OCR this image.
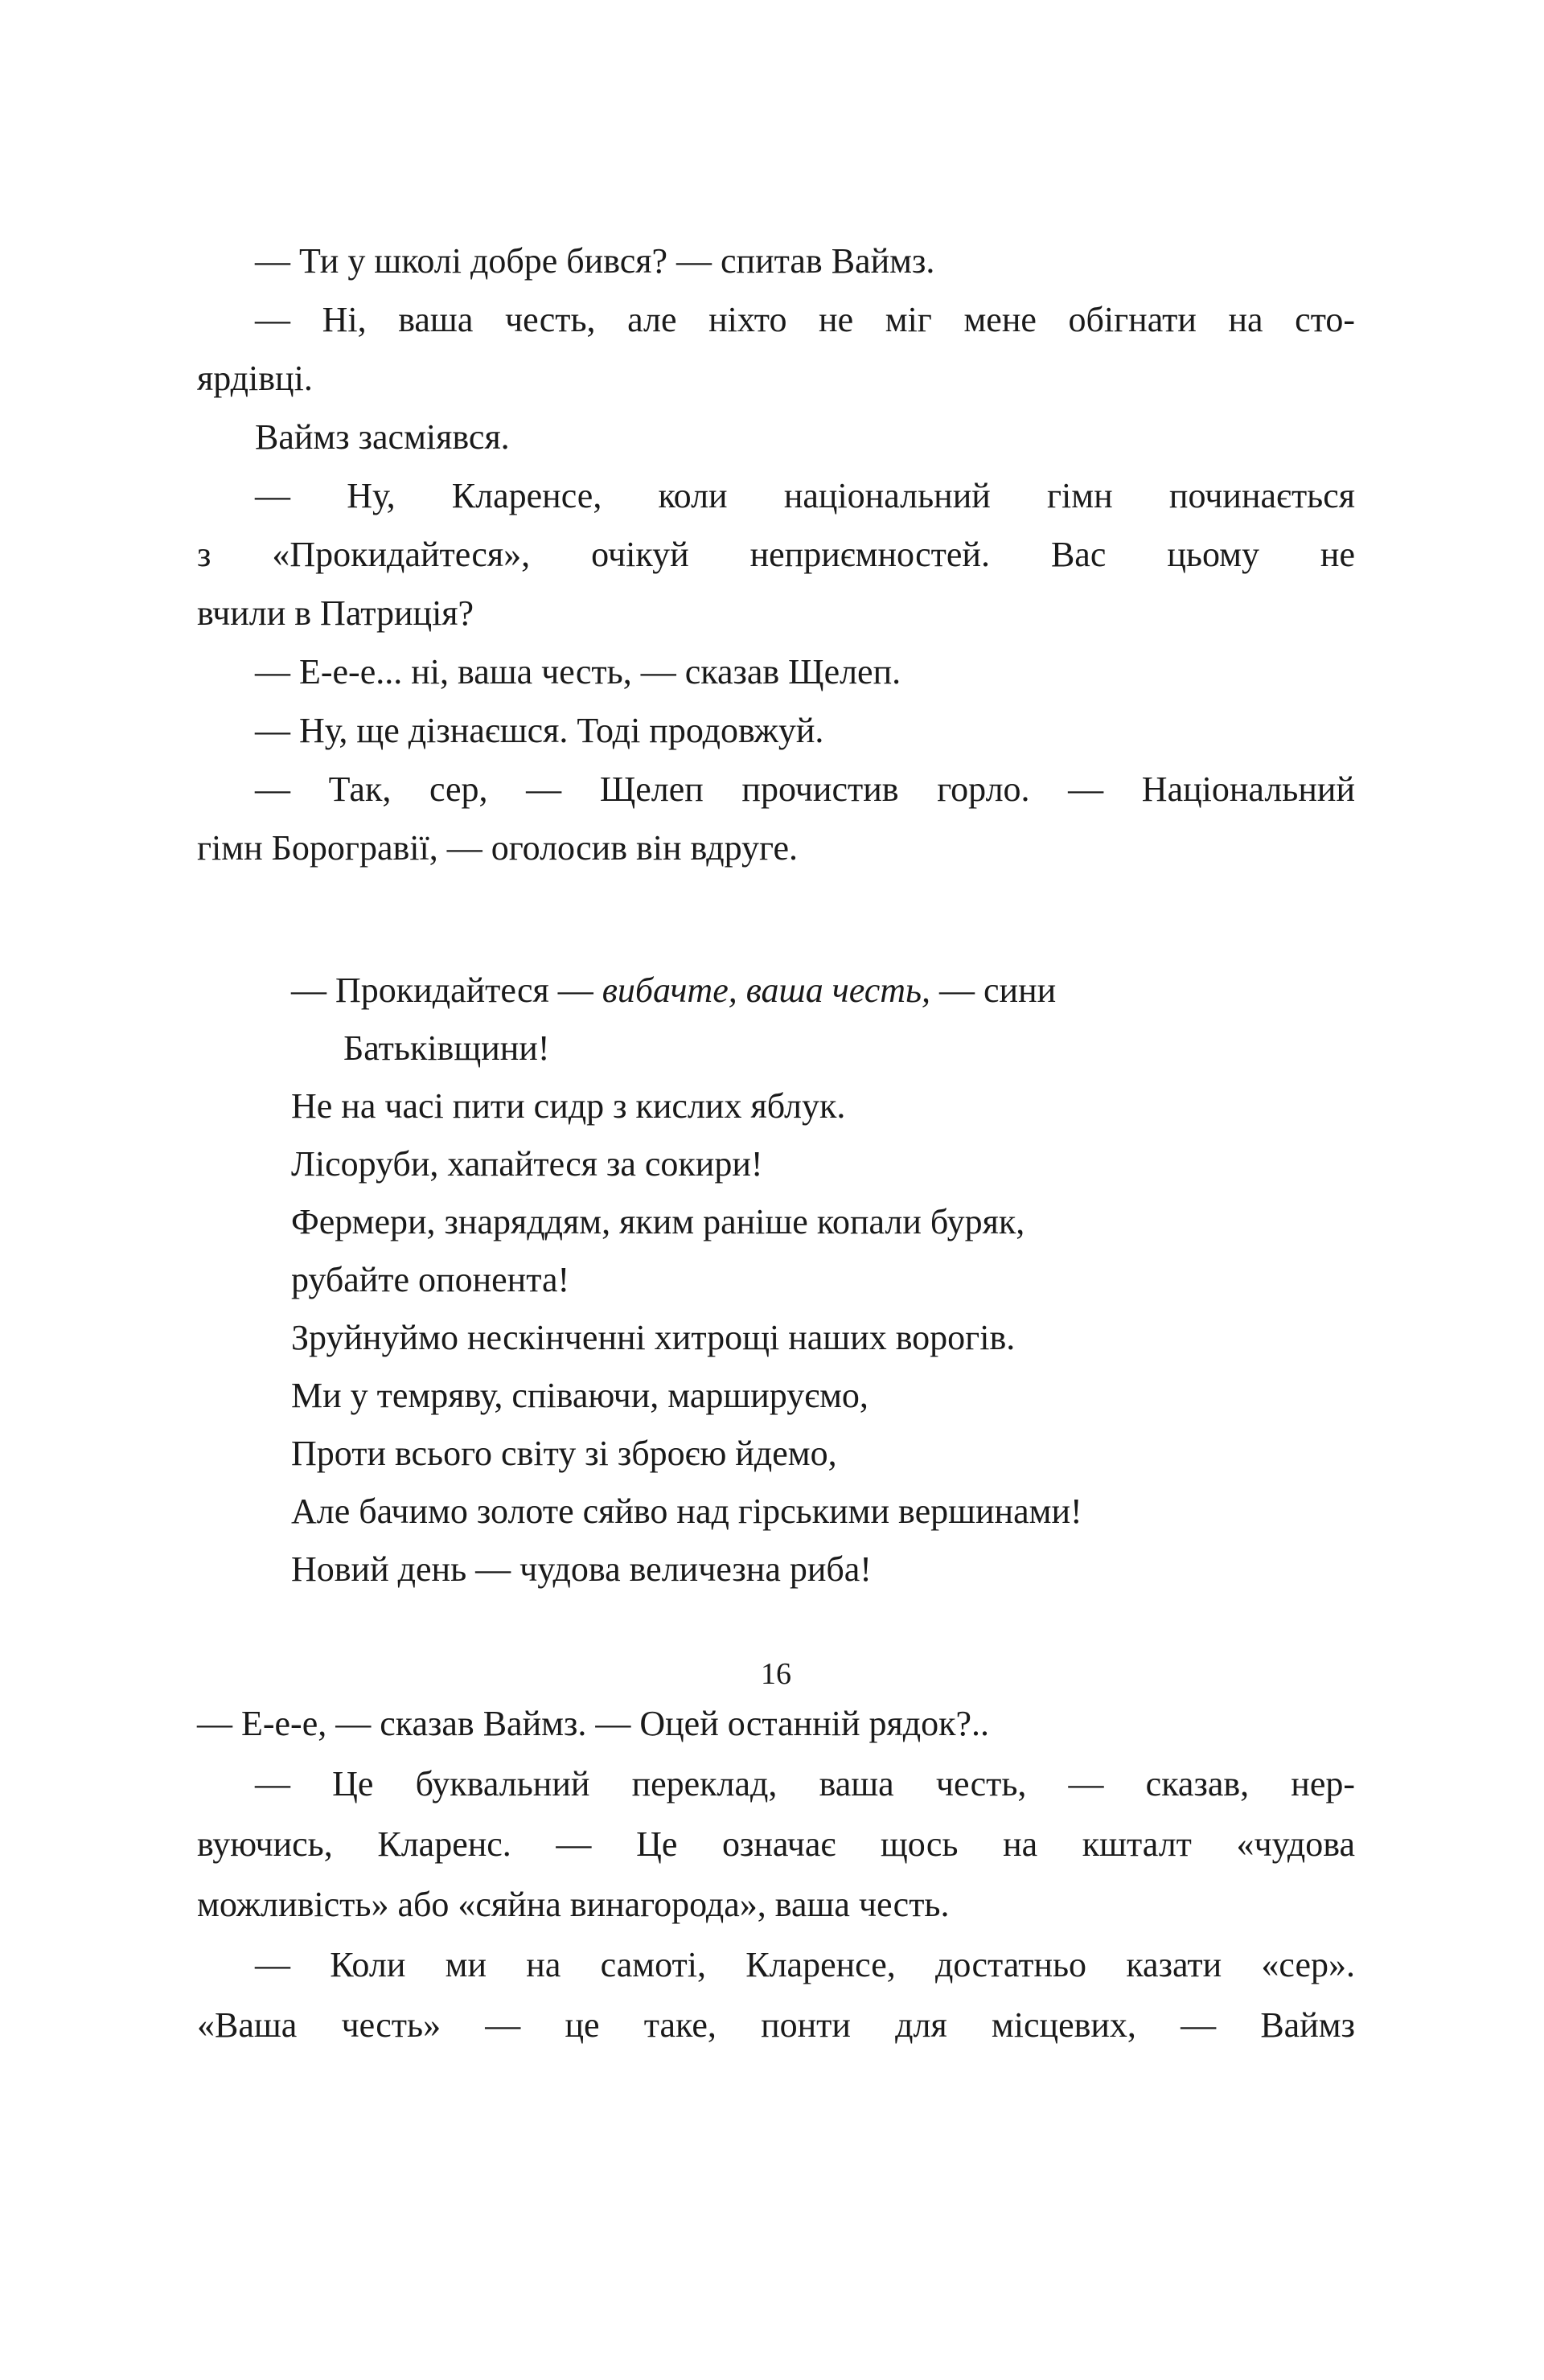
— Ти у школі добре бився? — спитав Ваймз.
— Ні, ваша честь, але ніхто не міг мене обігнати на сто-
ярдівці.
Ваймз засміявся.
— Ну, Кларенсе, коли національний гімн починається
з «Прокидайтеся», очікуй неприємностей. Вас цьому не
вчили в Патриція?
— Е-е-е... ні, ваша честь, — сказав Щелеп.
— Ну, ще дізнаєшся. Тоді продовжуй.
— Так, сер, — Щелеп прочистив горло. — Національний
гімн Борогравії, — оголосив він вдруге.
— Прокидайтеся — вибачте, ваша честь, — сини
Батьківщини!
Не на часі пити сидр з кислих яблук.
Лісоруби, хапайтеся за сокири!
Фермери, знаряддям, яким раніше копали буряк,
рубайте опонента!
Зруйнуймо нескінченні хитрощі наших ворогів.
Ми у темряву, співаючи, маршируємо,
Проти всього світу зі зброєю йдемо,
Але бачимо золоте сяйво над гірськими вершинами!
Новий день — чудова величезна риба!
16
— Е-е-е, — сказав Ваймз. — Оцей останній рядок?..
— Це буквальний переклад, ваша честь, — сказав, нер-
вуючись, Кларенс. — Це означає щось на кшталт «чудова
можливість» або «сяйна винагорода», ваша честь.
— Коли ми на самоті, Кларенсе, достатньо казати «сер».
«Ваша честь» — це таке, понти для місцевих, — Ваймз
